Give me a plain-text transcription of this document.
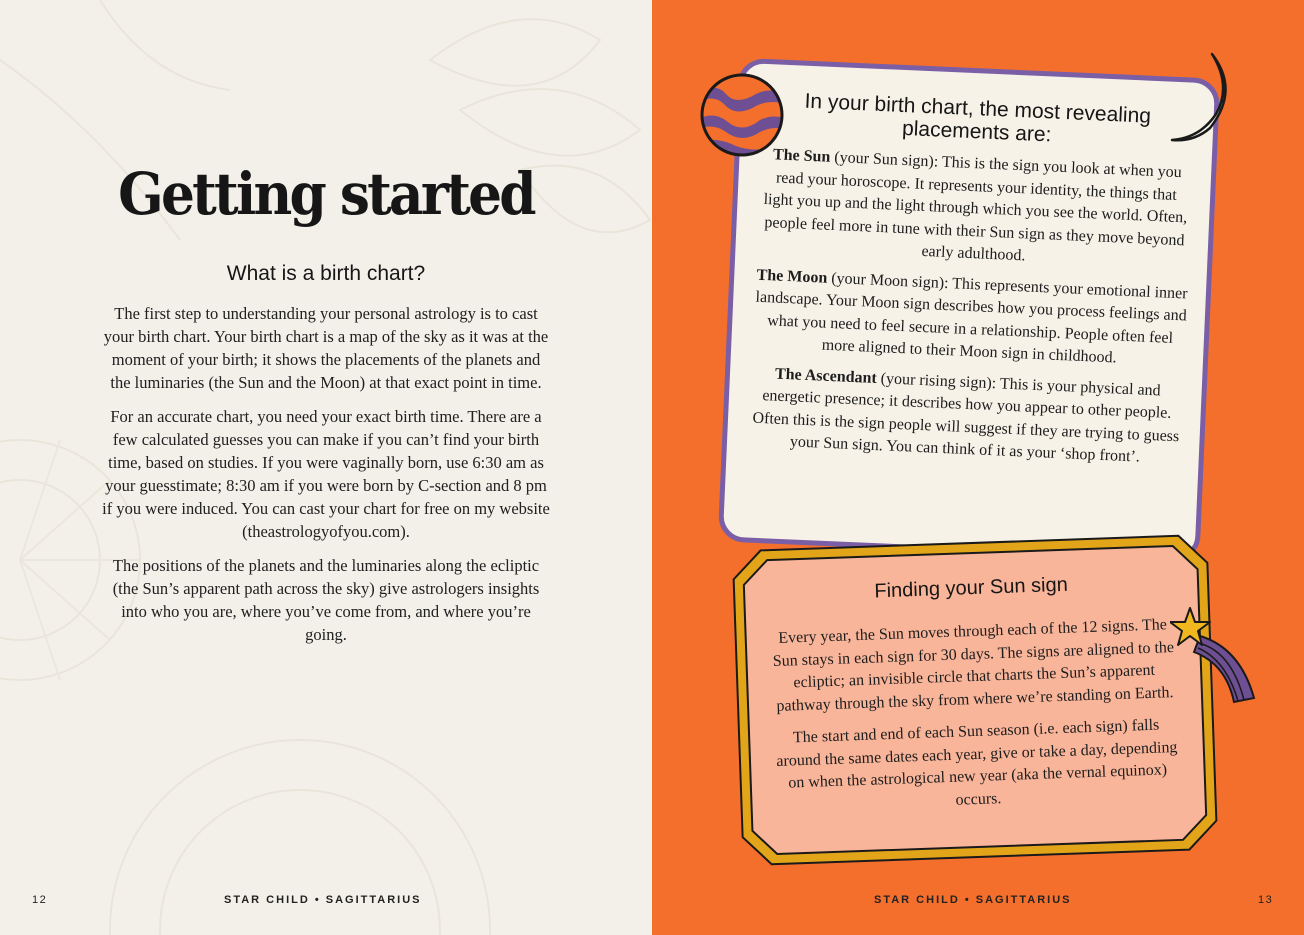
Getting started
What is a birth chart?

The first step to understanding your personal astrology is to cast your birth chart. Your birth chart is a map of the sky as it was at the moment of your birth; it shows the placements of the planets and the luminaries (the Sun and the Moon) at that exact point in time.

For an accurate chart, you need your exact birth time. There are a few calculated guesses you can make if you can’t find your birth time, based on studies. If you were vaginally born, use 6:30 am as your guesstimate; 8:30 am if you were born by C-section and 8 pm if you were induced. You can cast your chart for free on my website (theastrologyofyou.com).

The positions of the planets and the luminaries along the ecliptic (the Sun’s apparent path across the sky) give astrologers insights into who you are, where you’ve come from, and where you’re going.

12	STAR CHILD • SAGITTARIUS
In your birth chart, the most revealing placements are:

The Sun (your Sun sign): This is the sign you look at when you read your horoscope. It represents your identity, the things that light you up and the light through which you see the world. Often, people feel more in tune with their Sun sign as they move beyond early adulthood.

The Moon (your Moon sign): This represents your emotional inner landscape. Your Moon sign describes how you process feelings and what you need to feel secure in a relationship. People often feel more aligned to their Moon sign in childhood.

The Ascendant (your rising sign): This is your physical and energetic presence; it describes how you appear to other people. Often this is the sign people will suggest if they are trying to guess your Sun sign. You can think of it as your ‘shop front’.

Finding your Sun sign

Every year, the Sun moves through each of the 12 signs. The Sun stays in each sign for 30 days. The signs are aligned to the ecliptic; an invisible circle that charts the Sun’s apparent pathway through the sky from where we’re standing on Earth.

The start and end of each Sun season (i.e. each sign) falls around the same dates each year, give or take a day, depending on when the astrological new year (aka the vernal equinox) occurs.

STAR CHILD • SAGITTARIUS	13
